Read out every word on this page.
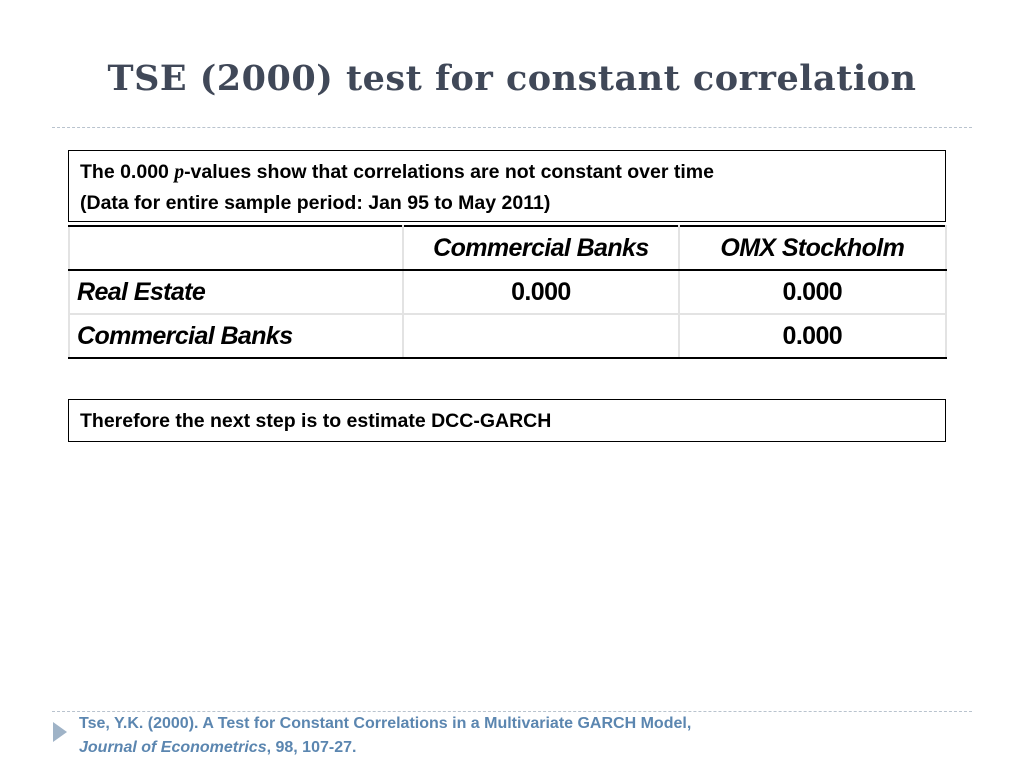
TSE (2000) test for constant correlation
The 0.000 p-values show that correlations are not constant over time
(Data for entire sample period: Jan 95 to May 2011)
	Commercial Banks	OMX Stockholm
Real Estate	0.000	0.000
Commercial Banks		0.000
Therefore the next step is to estimate DCC-GARCH
Tse, Y.K. (2000). A Test for Constant Correlations in a Multivariate GARCH Model,
Journal of Econometrics, 98, 107-27.
